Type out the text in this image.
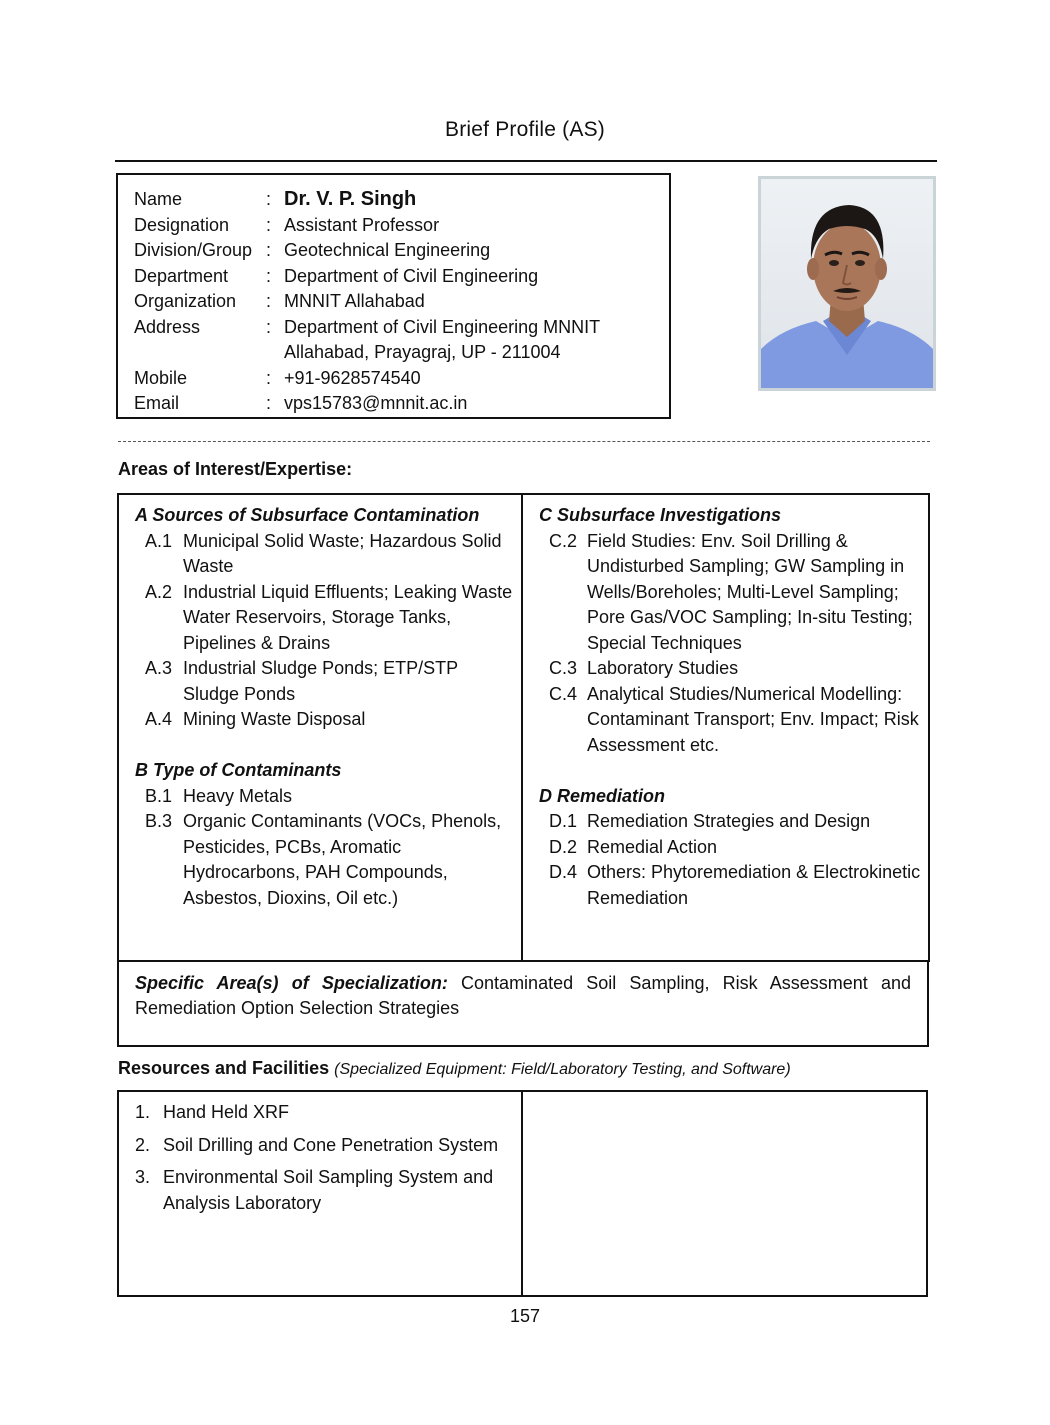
Brief Profile (AS)
Name	: Dr. V. P. Singh
Designation	: Assistant Professor
Division/Group : Geotechnical Engineering
Department	: Department of Civil Engineering
Organization	: MNNIT Allahabad
Address	: Department of Civil Engineering MNNIT
Allahabad, Prayagraj, UP - 211004
Mobile	: +91-9628574540
Email	: vps15783@mnnit.ac.in
Areas of Interest/Expertise:
A Sources of Subsurface Contamination
A.1 Municipal Solid Waste; Hazardous Solid Waste
A.2 Industrial Liquid Effluents; Leaking Waste Water Reservoirs, Storage Tanks, Pipelines & Drains
A.3 Industrial Sludge Ponds; ETP/STP Sludge Ponds
A.4 Mining Waste Disposal
B Type of Contaminants
B.1 Heavy Metals
B.3 Organic Contaminants (VOCs, Phenols, Pesticides, PCBs, Aromatic Hydrocarbons, PAH Compounds, Asbestos, Dioxins, Oil etc.)
C Subsurface Investigations
C.2 Field Studies: Env. Soil Drilling & Undisturbed Sampling; GW Sampling in Wells/Boreholes; Multi-Level Sampling; Pore Gas/VOC Sampling; In-situ Testing; Special Techniques
C.3 Laboratory Studies
C.4 Analytical Studies/Numerical Modelling: Contaminant Transport; Env. Impact; Risk Assessment etc.
D Remediation
D.1 Remediation Strategies and Design
D.2 Remedial Action
D.4 Others: Phytoremediation & Electrokinetic Remediation
Specific Area(s) of Specialization: Contaminated Soil Sampling, Risk Assessment and Remediation Option Selection Strategies
Resources and Facilities (Specialized Equipment: Field/Laboratory Testing, and Software)
1. Hand Held XRF
2. Soil Drilling and Cone Penetration System
3. Environmental Soil Sampling System and Analysis Laboratory
157
